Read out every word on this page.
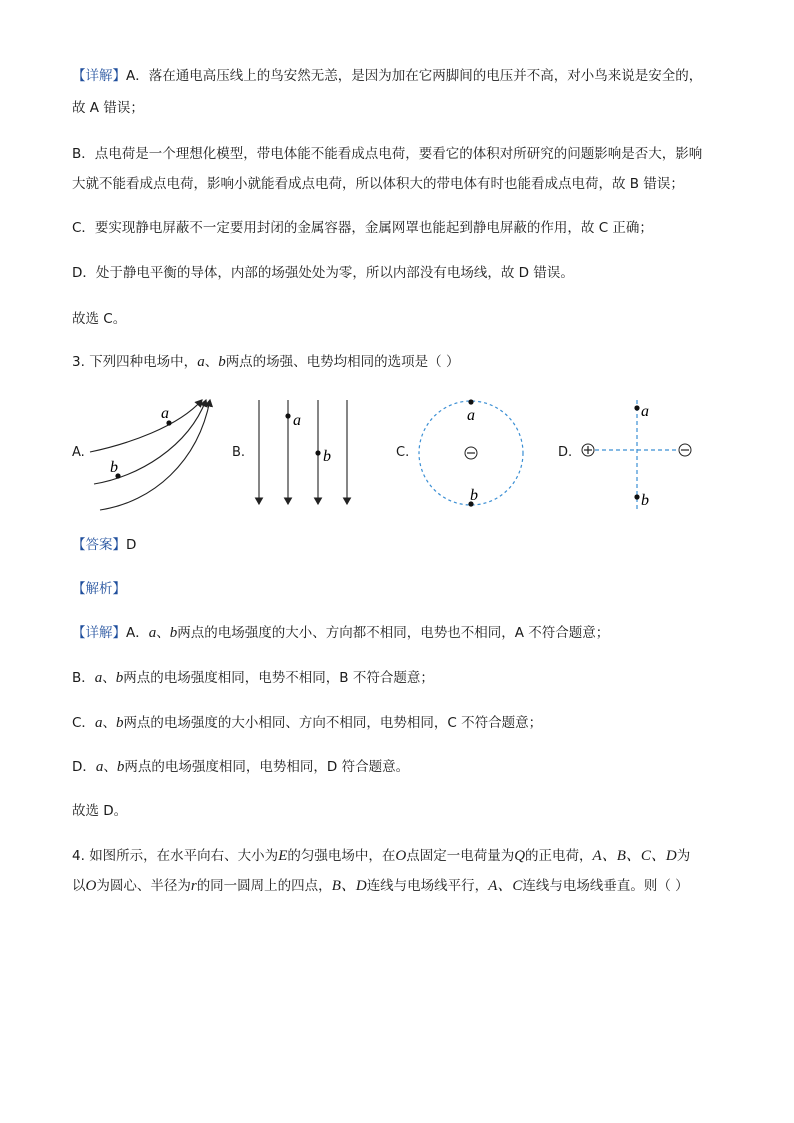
【详解】A．落在通电高压线上的鸟安然无恙，是因为加在它两脚间的电压并不高，对小鸟来说是安全的，
故 A 错误；
B．点电荷是一个理想化模型，带电体能不能看成点电荷，要看它的体积对所研究的问题影响是否大，影响
大就不能看成点电荷，影响小就能看成点电荷，所以体积大的带电体有时也能看成点电荷，故 B 错误；
C．要实现静电屏蔽不一定要用封闭的金属容器，金属网罩也能起到静电屏蔽的作用，故 C 正确；
D．处于静电平衡的导体，内部的场强处处为零，所以内部没有电场线，故 D 错误。
故选 C。
3. 下列四种电场中，a、b两点的场强、电势均相同的选项是（ ）
A.	B.	C.	D.
a
b
a
b
a
b
a
b
【答案】D
【解析】
【详解】A．a、b两点的电场强度的大小、方向都不相同，电势也不相同，A 不符合题意；
B．a、b两点的电场强度相同，电势不相同，B 不符合题意；
C．a、b两点的电场强度的大小相同、方向不相同，电势相同，C 不符合题意；
D．a、b两点的电场强度相同，电势相同，D 符合题意。
故选 D。
4. 如图所示，在水平向右、大小为E的匀强电场中，在O点固定一电荷量为Q的正电荷，A、B、C、D为
以O为圆心、半径为r的同一圆周上的四点，B、D连线与电场线平行，A、C连线与电场线垂直。则（ ）
